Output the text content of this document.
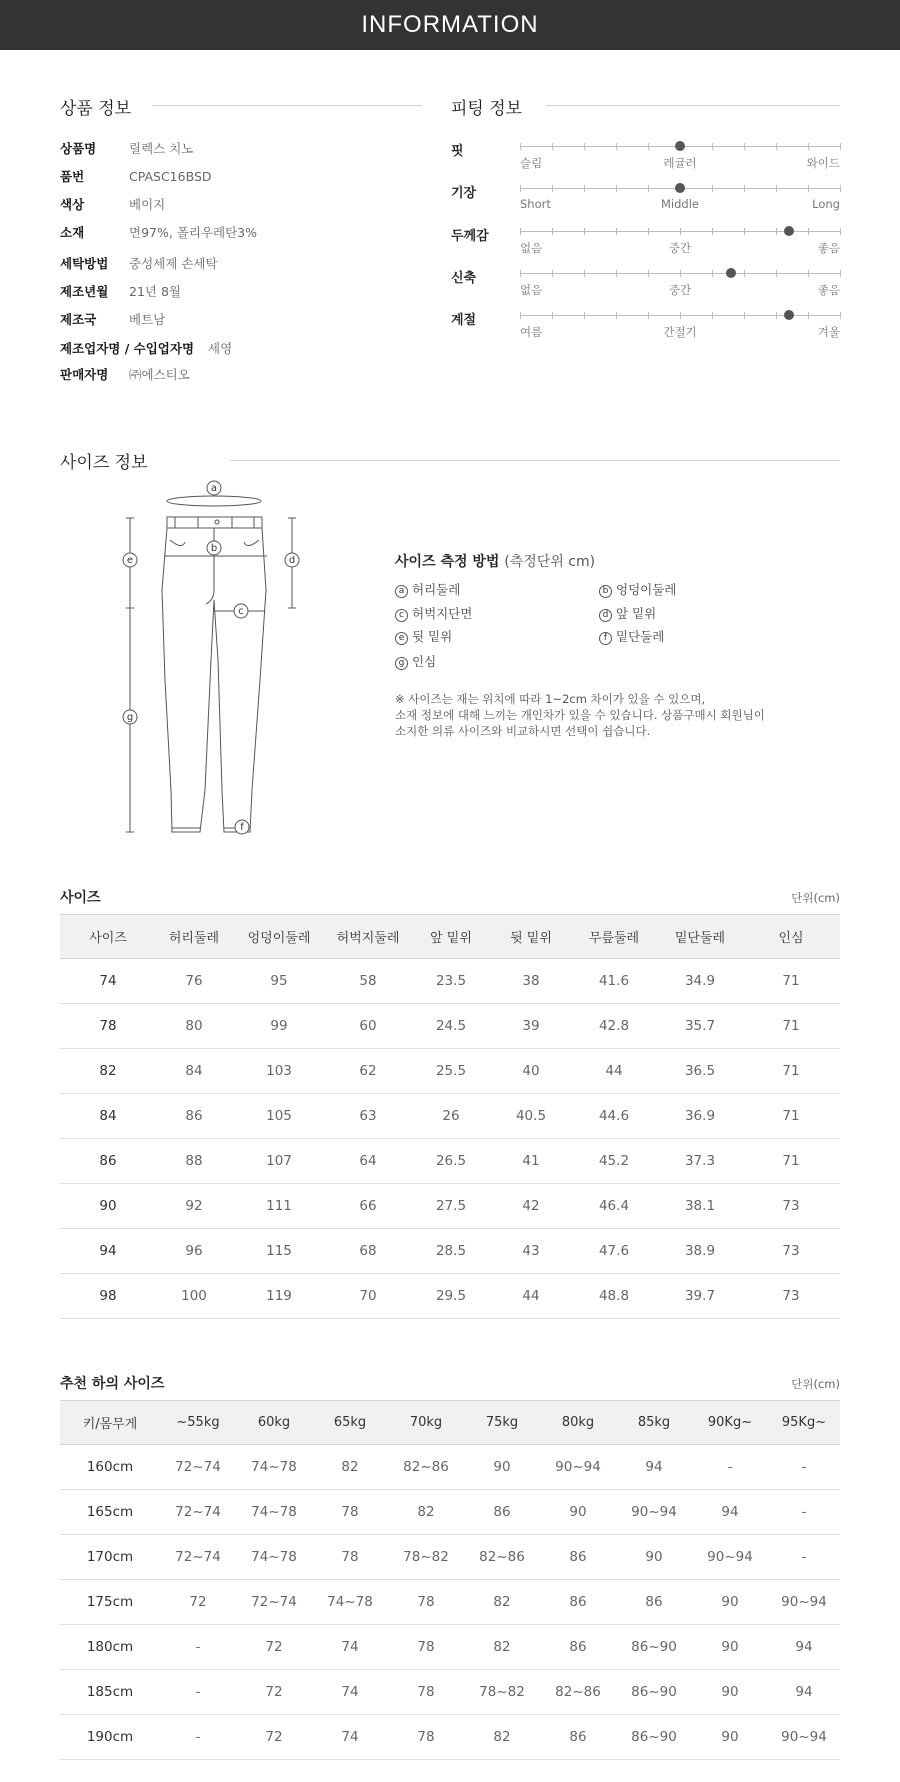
INFORMATION
상품 정보
상품명	릴렉스 치노
품번	CPASC16BSD
색상	베이지
소재	면97%, 폴리우레탄3%
세탁방법 중성세제 손세탁
제조년월 21년 8월
제조국	베트남
제조업자명 / 수입업자명 세영
판매자명 ㈜에스티오
피팅 정보
핏
슬림	레귤러	와이드
기장
Short	Middle	Long
두께감
없음	중간	좋음
신축
없음	중간	좋음
계절
여름	간절기	겨울
사이즈 정보
a
b
c
d
e
f
g
사이즈 측정 방법 (측정단위 cm)
a 허리둘레	b 엉덩이둘레
c 허벅지단면	d 앞 밑위
e 뒷 밑위	f 밑단둘레
g 인심
※ 사이즈는 재는 위치에 따라 1~2cm 차이가 있을 수 있으며,
소재 정보에 대해 느끼는 개인차가 있을 수 있습니다. 상품구매시 회원님이
소지한 의류 사이즈와 비교하시면 선택이 쉽습니다.
사이즈	단위(cm)
사이즈	허리둘레	엉덩이둘레	허벅지둘레	앞 밑위	뒷 밑위	무릎둘레	밑단둘레	인심
74	76	95	58	23.5	38	41.6	34.9	71
78	80	99	60	24.5	39	42.8	35.7	71
82	84	103	62	25.5	40	44	36.5	71
84	86	105	63	26	40.5	44.6	36.9	71
86	88	107	64	26.5	41	45.2	37.3	71
90	92	111	66	27.5	42	46.4	38.1	73
94	96	115	68	28.5	43	47.6	38.9	73
98	100	119	70	29.5	44	48.8	39.7	73
추천 하의 사이즈	단위(cm)
키/몸무게	~55kg	60kg	65kg	70kg	75kg	80kg	85kg	90Kg~	95Kg~
160cm	72~74	74~78	82	82~86	90	90~94	94	-	-
165cm	72~74	74~78	78	82	86	90	90~94	94	-
170cm	72~74	74~78	78	78~82	82~86	86	90	90~94	-
175cm	72	72~74	74~78	78	82	86	86	90	90~94
180cm	-	72	74	78	82	86	86~90	90	94
185cm	-	72	74	78	78~82	82~86	86~90	90	94
190cm	-	72	74	78	82	86	86~90	90	90~94
